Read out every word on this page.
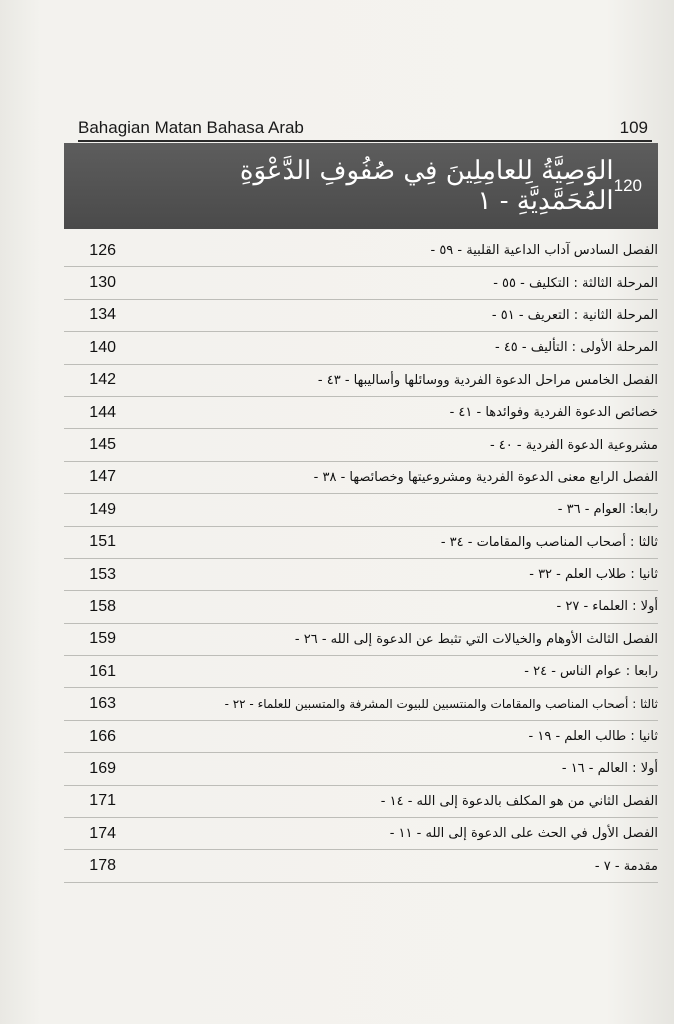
Bahagian Matan Bahasa Arab	109
الوَصِيَّةُ لِلعامِلِينَ فِي صُفُوفِ الدَّعْوَةِ المُحَمَّدِيَّةِ - ١
120
126	الفصل السادس آداب الداعية القلبية - ٥٩ -
130	المرحلة الثالثة : التكليف - ٥٥ -
134	المرحلة الثانية : التعريف - ٥١ -
140	المرحلة الأولى : التأليف - ٤٥ -
142	الفصل الخامس مراحل الدعوة الفردية ووسائلها وأساليبها - ٤٣ -
144	خصائص الدعوة الفردية وفوائدها - ٤١ -
145	مشروعية الدعوة الفردية - ٤٠ -
147	الفصل الرابع معنى الدعوة الفردية ومشروعيتها وخصائصها - ٣٨ -
149	رابعا: العوام - ٣٦ -
151	ثالثا : أصحاب المناصب والمقامات - ٣٤ -
153	ثانيا : طلاب العلم - ٣٢ -
158	أولا : العلماء - ٢٧ -
159	الفصل الثالث الأوهام والخيالات التي تثبط عن الدعوة إلى الله - ٢٦ -
161	رابعا : عوام الناس - ٢٤ -
163	ثالثا : أصحاب المناصب والمقامات والمنتسبين للبيوت المشرفة والمتسبين للعلماء - ٢٢ -
166	ثانيا : طالب العلم - ١٩ -
169	أولا : العالم - ١٦ -
171	الفصل الثاني من هو المكلف بالدعوة إلى الله - ١٤ -
174	الفصل الأول في الحث على الدعوة إلى الله - ١١ -
178	مقدمة - ٧ -
